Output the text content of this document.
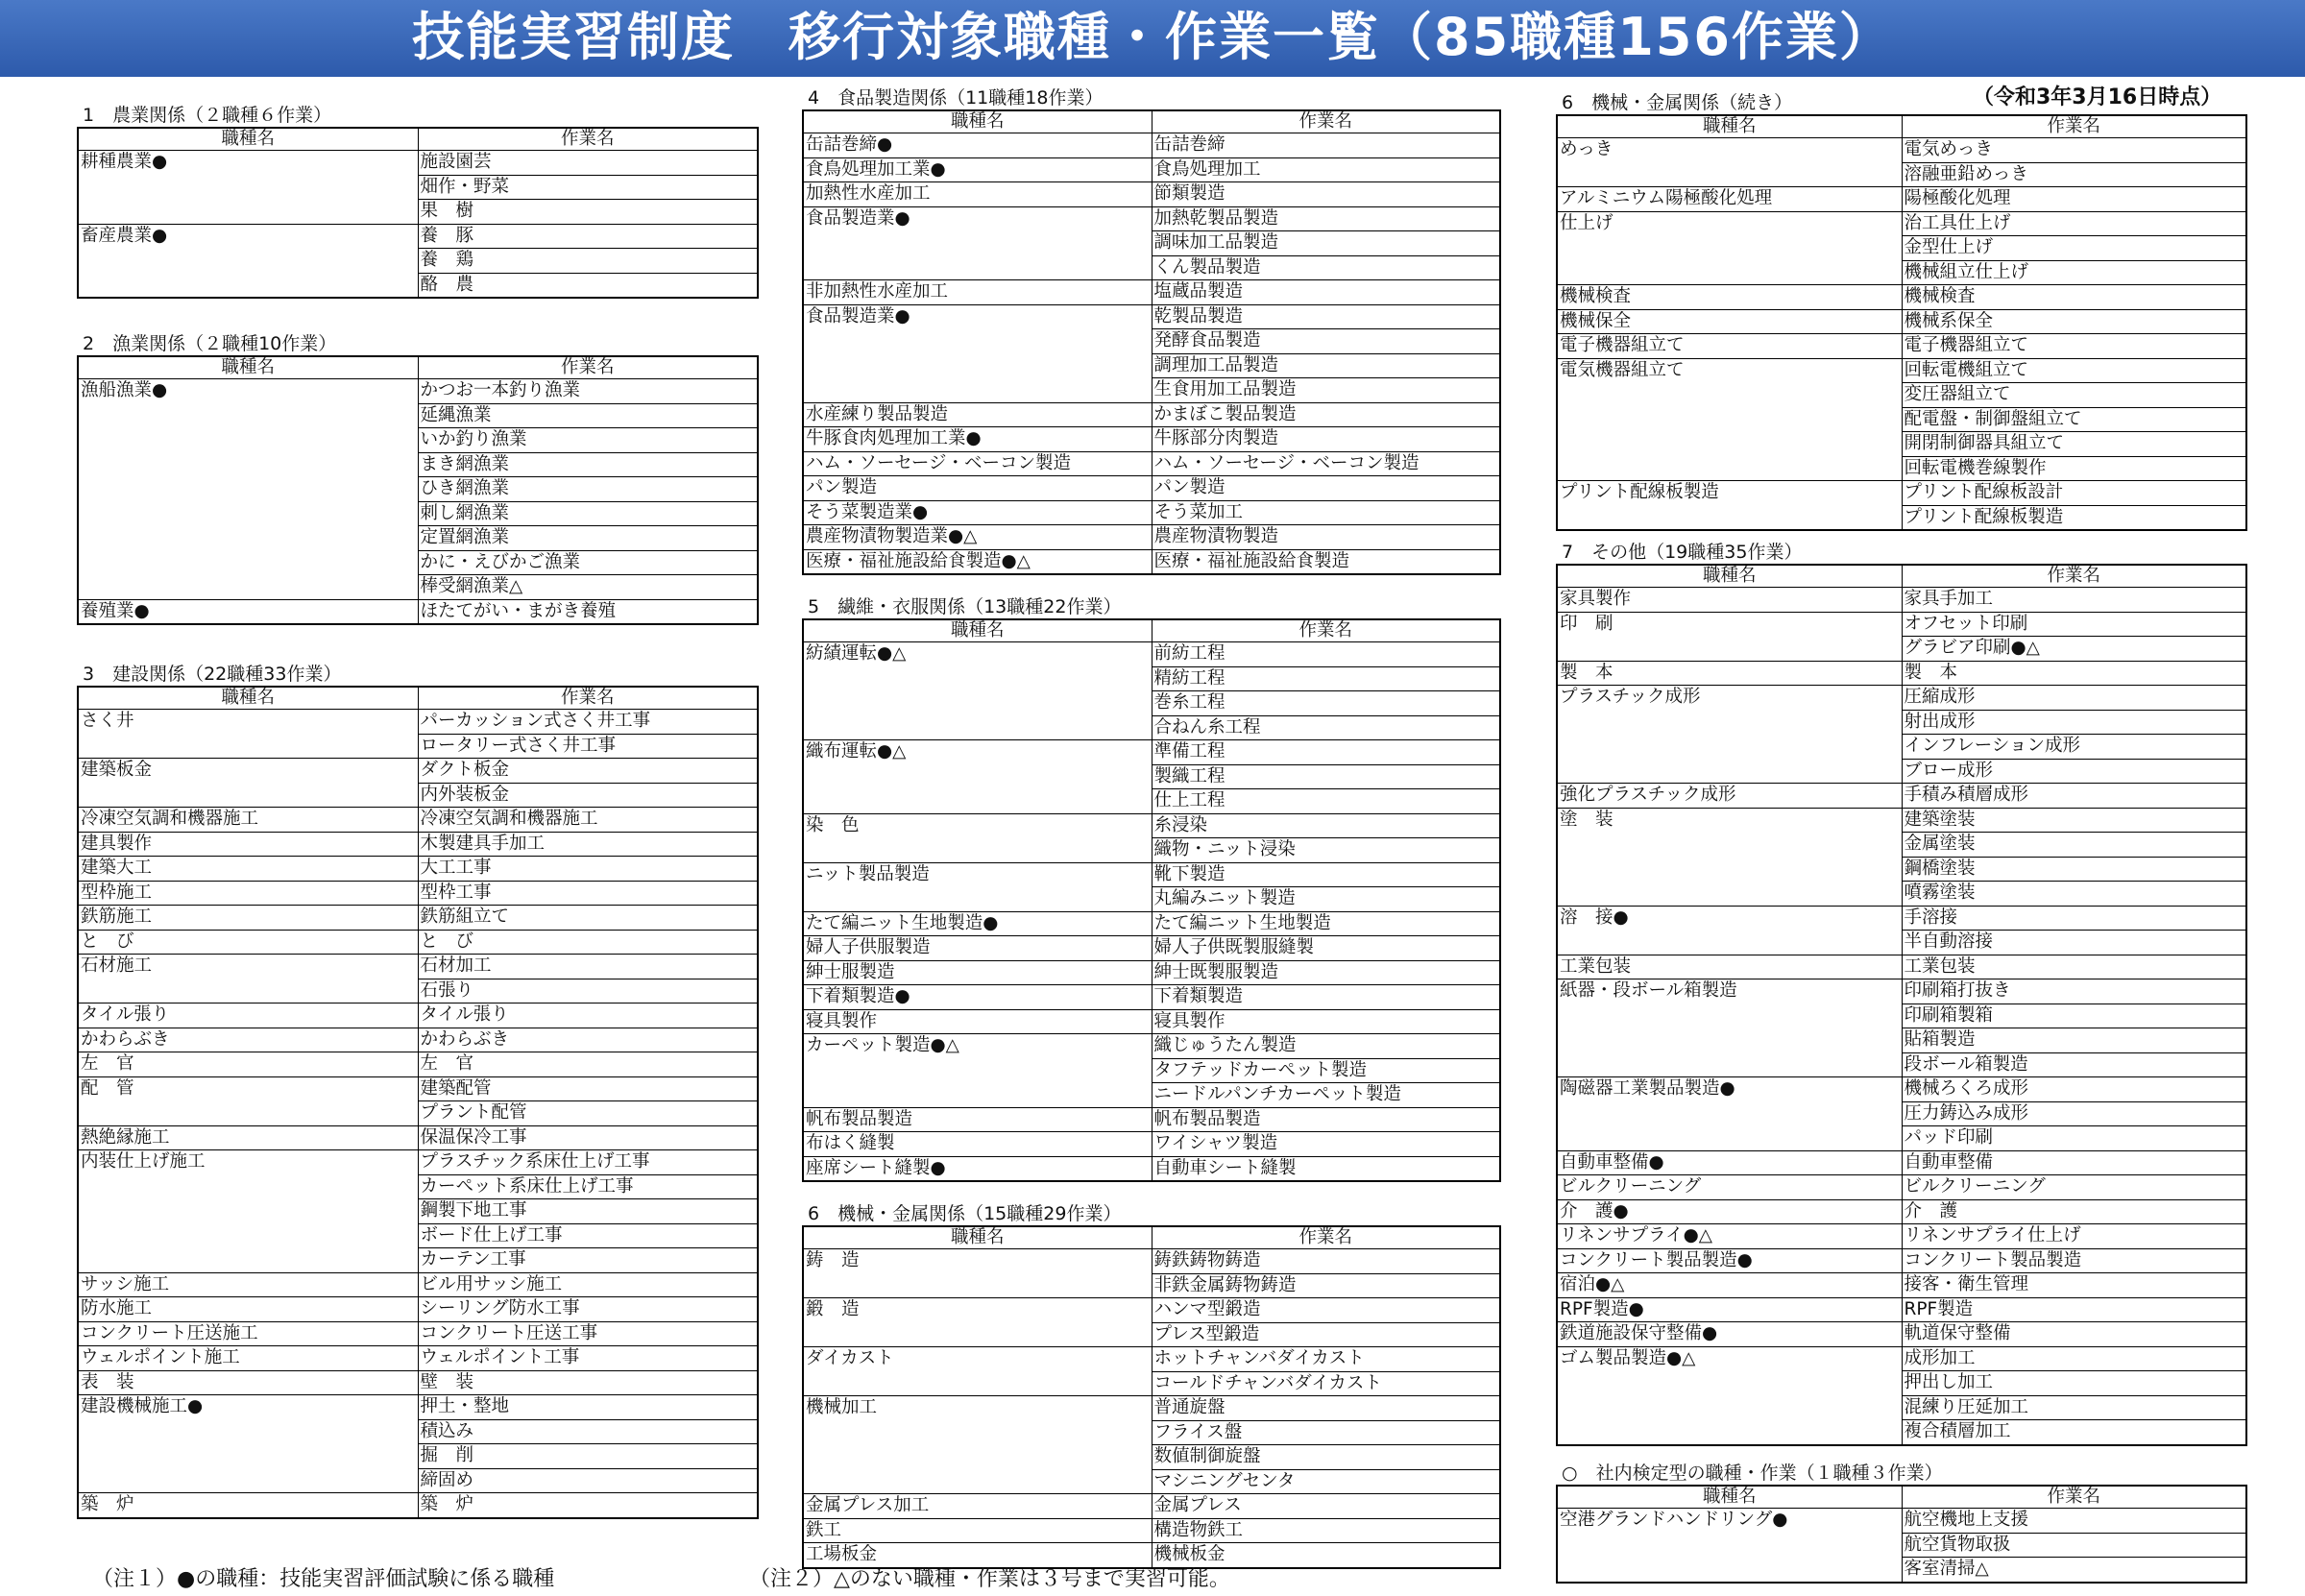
技能実習制度　移行対象職種・作業一覧（85職種156作業）
（令和3年3月16日時点）
1　農業関係（２職種６作業）
職種名	作業名
耕種農業●	施設園芸
	畑作・野菜
	果　樹
畜産農業●	養　豚
	養　鶏
	酪　農
2　漁業関係（２職種10作業）
職種名	作業名
漁船漁業●	かつお一本釣り漁業
	延縄漁業
	いか釣り漁業
	まき網漁業
	ひき網漁業
	刺し網漁業
	定置網漁業
	かに・えびかご漁業
	棒受網漁業△
養殖業●	ほたてがい・まがき養殖
3　建設関係（22職種33作業）
職種名	作業名
さく井	パーカッション式さく井工事
	ロータリー式さく井工事
建築板金	ダクト板金
	内外装板金
冷凍空気調和機器施工	冷凍空気調和機器施工
建具製作	木製建具手加工
建築大工	大工工事
型枠施工	型枠工事
鉄筋施工	鉄筋組立て
と　び	と　び
石材施工	石材加工
	石張り
タイル張り	タイル張り
かわらぶき	かわらぶき
左　官	左　官
配　管	建築配管
	プラント配管
熱絶縁施工	保温保冷工事
内装仕上げ施工	プラスチック系床仕上げ工事
	カーペット系床仕上げ工事
	鋼製下地工事
	ボード仕上げ工事
	カーテン工事
サッシ施工	ビル用サッシ施工
防水施工	シーリング防水工事
コンクリート圧送施工	コンクリート圧送工事
ウェルポイント施工	ウェルポイント工事
表　装	壁　装
建設機械施工●	押土・整地
	積込み
	掘　削
	締固め
築　炉	築　炉
4　食品製造関係（11職種18作業）
職種名	作業名
缶詰巻締●	缶詰巻締
食鳥処理加工業●	食鳥処理加工
加熱性水産加工	節類製造
食品製造業●	加熱乾製品製造
	調味加工品製造
	くん製品製造
非加熱性水産加工	塩蔵品製造
食品製造業●	乾製品製造
	発酵食品製造
	調理加工品製造
	生食用加工品製造
水産練り製品製造	かまぼこ製品製造
牛豚食肉処理加工業●	牛豚部分肉製造
ハム・ソーセージ・ベーコン製造	ハム・ソーセージ・ベーコン製造
パン製造	パン製造
そう菜製造業●	そう菜加工
農産物漬物製造業●△	農産物漬物製造
医療・福祉施設給食製造●△	医療・福祉施設給食製造
5　繊維・衣服関係（13職種22作業）
職種名	作業名
紡績運転●△	前紡工程
	精紡工程
	巻糸工程
	合ねん糸工程
織布運転●△	準備工程
	製織工程
	仕上工程
染　色	糸浸染
	織物・ニット浸染
ニット製品製造	靴下製造
	丸編みニット製造
たて編ニット生地製造●	たて編ニット生地製造
婦人子供服製造	婦人子供既製服縫製
紳士服製造	紳士既製服製造
下着類製造●	下着類製造
寝具製作	寝具製作
カーペット製造●△	織じゅうたん製造
	タフテッドカーペット製造
	ニードルパンチカーペット製造
帆布製品製造	帆布製品製造
布はく縫製	ワイシャツ製造
座席シート縫製●	自動車シート縫製
6　機械・金属関係（15職種29作業）
職種名	作業名
鋳　造	鋳鉄鋳物鋳造
	非鉄金属鋳物鋳造
鍛　造	ハンマ型鍛造
	プレス型鍛造
ダイカスト	ホットチャンバダイカスト
	コールドチャンバダイカスト
機械加工	普通旋盤
	フライス盤
	数値制御旋盤
	マシニングセンタ
金属プレス加工	金属プレス
鉄工	構造物鉄工
工場板金	機械板金
6　機械・金属関係（続き）
職種名	作業名
めっき	電気めっき
	溶融亜鉛めっき
アルミニウム陽極酸化処理	陽極酸化処理
仕上げ	治工具仕上げ
	金型仕上げ
	機械組立仕上げ
機械検査	機械検査
機械保全	機械系保全
電子機器組立て	電子機器組立て
電気機器組立て	回転電機組立て
	変圧器組立て
	配電盤・制御盤組立て
	開閉制御器具組立て
	回転電機巻線製作
プリント配線板製造	プリント配線板設計
	プリント配線板製造
7　その他（19職種35作業）
職種名	作業名
家具製作	家具手加工
印　刷	オフセット印刷
	グラビア印刷●△
製　本	製　本
プラスチック成形	圧縮成形
	射出成形
	インフレーション成形
	ブロー成形
強化プラスチック成形	手積み積層成形
塗　装	建築塗装
	金属塗装
	鋼橋塗装
	噴霧塗装
溶　接●	手溶接
	半自動溶接
工業包装	工業包装
紙器・段ボール箱製造	印刷箱打抜き
	印刷箱製箱
	貼箱製造
	段ボール箱製造
陶磁器工業製品製造●	機械ろくろ成形
	圧力鋳込み成形
	パッド印刷
自動車整備●	自動車整備
ビルクリーニング	ビルクリーニング
介　護●	介　護
リネンサプライ●△	リネンサプライ仕上げ
コンクリート製品製造●	コンクリート製品製造
宿泊●△	接客・衛生管理
RPF製造●	RPF製造
鉄道施設保守整備●	軌道保守整備
ゴム製品製造●△	成形加工
	押出し加工
	混練り圧延加工
	複合積層加工
○　社内検定型の職種・作業（１職種３作業）
職種名	作業名
空港グランドハンドリング●	航空機地上支援
	航空貨物取扱
	客室清掃△
（注１）●の職種：技能実習評価試験に係る職種	（注２）△のない職種・作業は３号まで実習可能。
